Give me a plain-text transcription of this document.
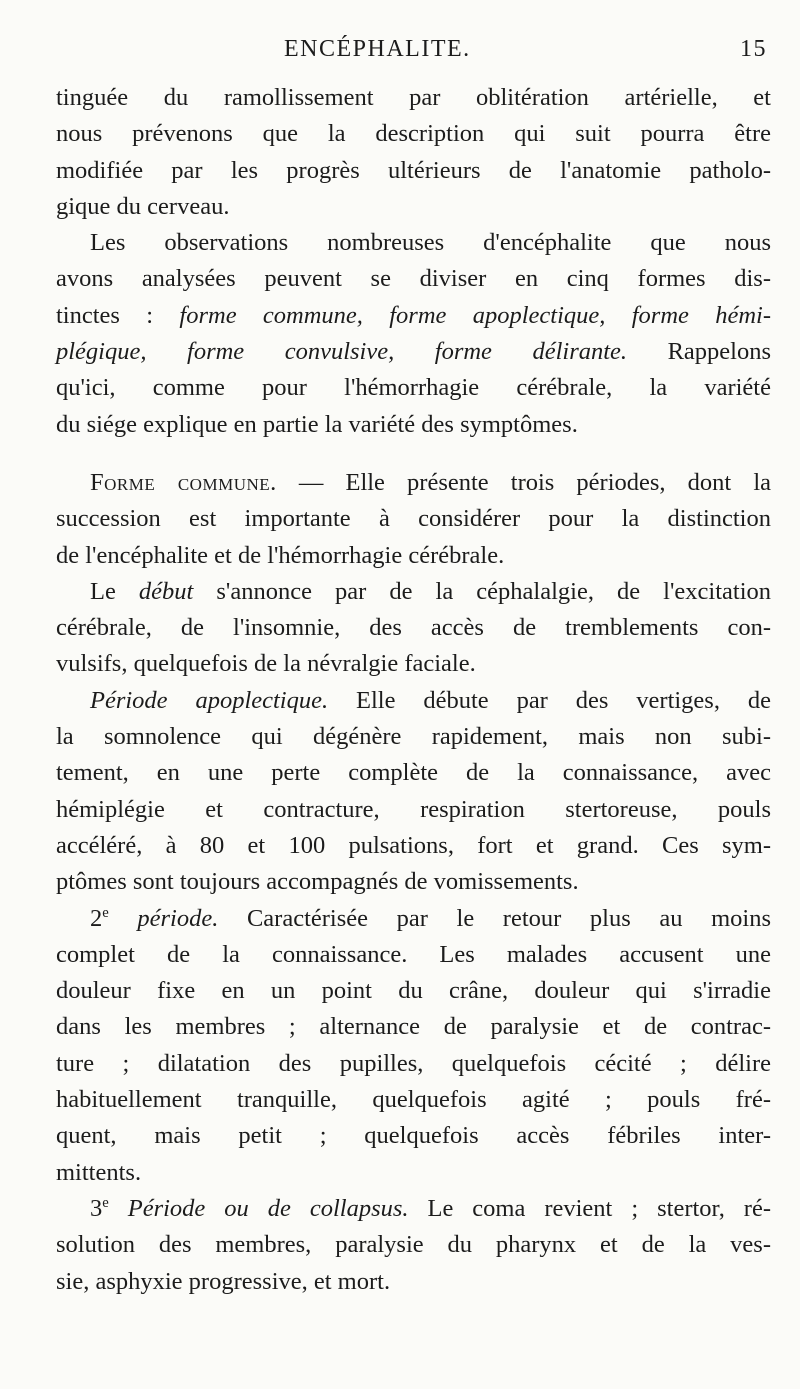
ENCÉPHALITE.	15
tinguée du ramollissement par oblitération artérielle, et
nous prévenons que la description qui suit pourra être
modifiée par les progrès ultérieurs de l'anatomie patholo-
gique du cerveau.
Les observations nombreuses d'encéphalite que nous
avons analysées peuvent se diviser en cinq formes dis-
tinctes : forme commune, forme apoplectique, forme hémi-
plégique, forme convulsive, forme délirante. Rappelons
qu'ici, comme pour l'hémorrhagie cérébrale, la variété
du siége explique en partie la variété des symptômes.
Forme commune. — Elle présente trois périodes, dont la
succession est importante à considérer pour la distinction
de l'encéphalite et de l'hémorrhagie cérébrale.
Le début s'annonce par de la céphalalgie, de l'excitation
cérébrale, de l'insomnie, des accès de tremblements con-
vulsifs, quelquefois de la névralgie faciale.
Période apoplectique. Elle débute par des vertiges, de
la somnolence qui dégénère rapidement, mais non subi-
tement, en une perte complète de la connaissance, avec
hémiplégie et contracture, respiration stertoreuse, pouls
accéléré, à 80 et 100 pulsations, fort et grand. Ces sym-
ptômes sont toujours accompagnés de vomissements.
2e période. Caractérisée par le retour plus au moins
complet de la connaissance. Les malades accusent une
douleur fixe en un point du crâne, douleur qui s'irradie
dans les membres ; alternance de paralysie et de contrac-
ture ; dilatation des pupilles, quelquefois cécité ; délire
habituellement tranquille, quelquefois agité ; pouls fré-
quent, mais petit ; quelquefois accès fébriles inter-
mittents.
3e Période ou de collapsus. Le coma revient ; stertor, ré-
solution des membres, paralysie du pharynx et de la ves-
sie, asphyxie progressive, et mort.
